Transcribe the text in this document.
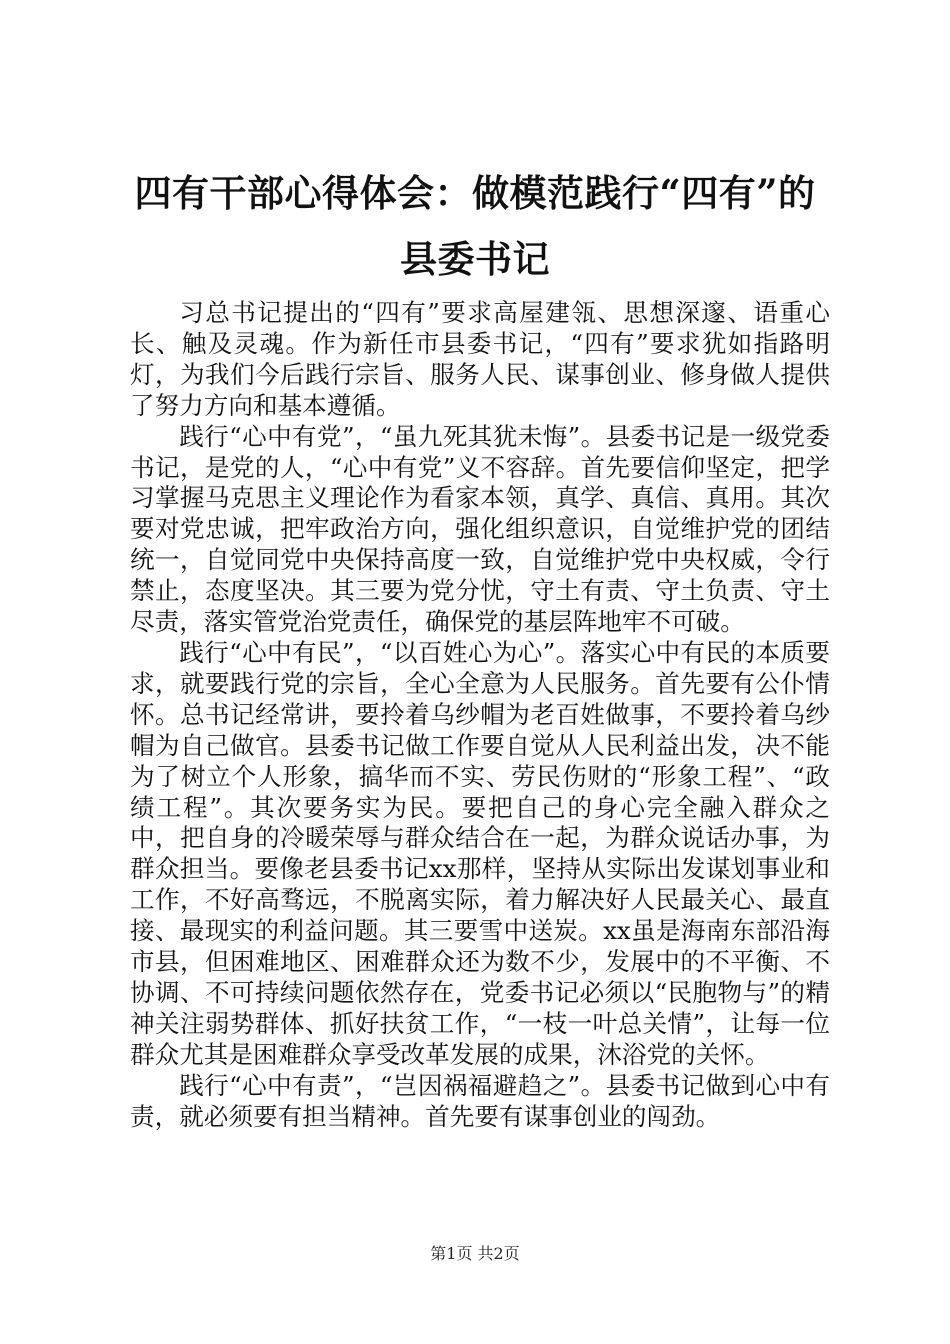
四有干部心得体会：做模范践行“四有”的县委书记

习总书记提出的“四有”要求高屋建瓴、思想深邃、语重心长、触及灵魂。作为新任市县委书记，“四有”要求犹如指路明灯，为我们今后践行宗旨、服务人民、谋事创业、修身做人提供了努力方向和基本遵循。

践行“心中有党”，“虽九死其犹未悔”。县委书记是一级党委书记，是党的人，“心中有党”义不容辞。首先要信仰坚定，把学习掌握马克思主义理论作为看家本领，真学、真信、真用。其次要对党忠诚，把牢政治方向，强化组织意识，自觉维护党的团结统一，自觉同党中央保持高度一致，自觉维护党中央权威，令行禁止，态度坚决。其三要为党分忧，守土有责、守土负责、守土尽责，落实管党治党责任，确保党的基层阵地牢不可破。

践行“心中有民”，“以百姓心为心”。落实心中有民的本质要求，就要践行党的宗旨，全心全意为人民服务。首先要有公仆情怀。总书记经常讲，要拎着乌纱帽为老百姓做事，不要拎着乌纱帽为自己做官。县委书记做工作要自觉从人民利益出发，决不能为了树立个人形象，搞华而不实、劳民伤财的“形象工程”、“政绩工程”。其次要务实为民。要把自己的身心完全融入群众之中，把自身的冷暖荣辱与群众结合在一起，为群众说话办事，为群众担当。要像老县委书记xx那样，坚持从实际出发谋划事业和工作，不好高骛远，不脱离实际，着力解决好人民最关心、最直接、最现实的利益问题。其三要雪中送炭。xx虽是海南东部沿海市县，但困难地区、困难群众还为数不少，发展中的不平衡、不协调、不可持续问题依然存在，党委书记必须以“民胞物与”的精神关注弱势群体、抓好扶贫工作，“一枝一叶总关情”，让每一位群众尤其是困难群众享受改革发展的成果，沐浴党的关怀。

践行“心中有责”，“岂因祸福避趋之”。县委书记做到心中有责，就必须要有担当精神。首先要有谋事创业的闯劲。

第1页 共2页
